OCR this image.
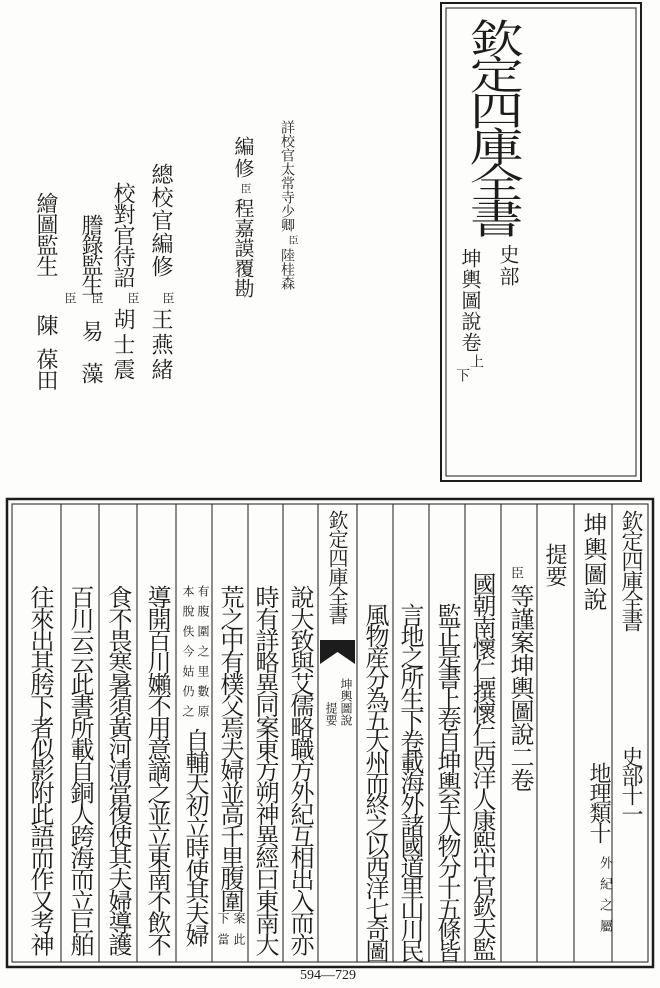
欽定四庫全書
史部
坤輿圖說卷
上
下
詳校官太常寺少卿
臣
陸桂森
編修
臣
程嘉謨
覆勘
總校官編修
臣
王燕緒
校對官待詔
臣
胡士震
謄錄監生
臣
易
藻
繪圖監生
臣
陳
葆田
欽定四庫全書
史部十一
坤輿圖說
地理類十
外紀之屬
提要
臣
等謹案坤輿圖說二卷
國朝南懷仁撰懷仁西洋人康熙中官欽天監
監正是書上卷自坤輿至人物分十五條皆
言地之所生下卷載海外諸國道里山川民
風物産分為五大州而終之以西洋七奇圖
欽定四庫全書
坤輿圖說
提要
說大致與艾儒略職方外紀互相出入而亦
時有詳略異同案東方朔神異經曰東南大
荒之中有樸父焉夫婦並高千里腹圍
案此
下當
有腹圍之里數原
本脫佚今姑仍之
自輔天初立時使其夫婦
導開百川嬾不用意謫之並立東南不飲不
食不畏寒暑須黃河清當復使其夫婦導護
百川云云此書所載自銅人跨海而立巨舶
往來出其胯下者似影附此語而作又考神
594—729
